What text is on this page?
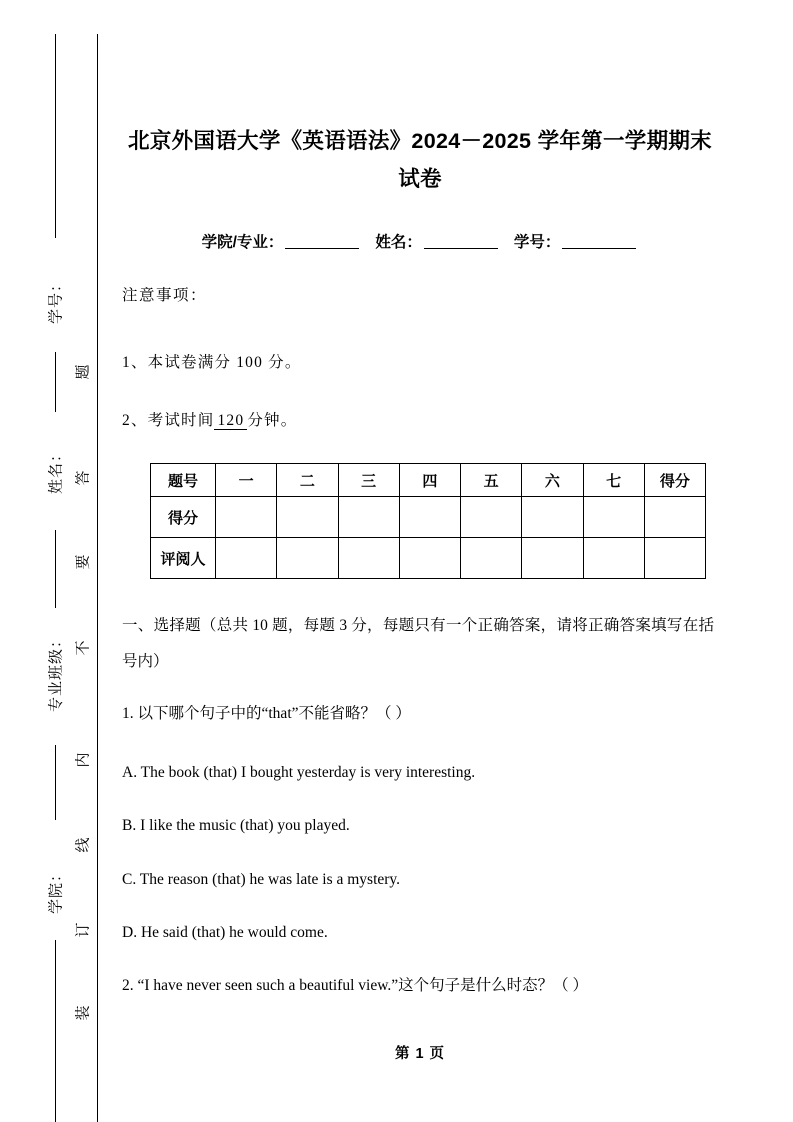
学号：
姓名：
专业班级：
学院：
题
答
要
不
内
线
订
装
北京外国语大学《英语语法》2024－2025 学年第一学期期末试卷
学院/专业：	姓名：	学号：
注意事项：
1、本试卷满分 100 分。
2、考试时间 120 分钟。
题号	一	二	三	四	五	六	七	得分
得分								
评阅人								
一、选择题（总共 10 题，每题 3 分，每题只有一个正确答案，请将正确答案填写在括号内）
1. 以下哪个句子中的“that”不能省略？（ ）
A. The book (that) I bought yesterday is very interesting.
B. I like the music (that) you played.
C. The reason (that) he was late is a mystery.
D. He said (that) he would come.
2. “I have never seen such a beautiful view.”这个句子是什么时态？（ ）
第 1 页
